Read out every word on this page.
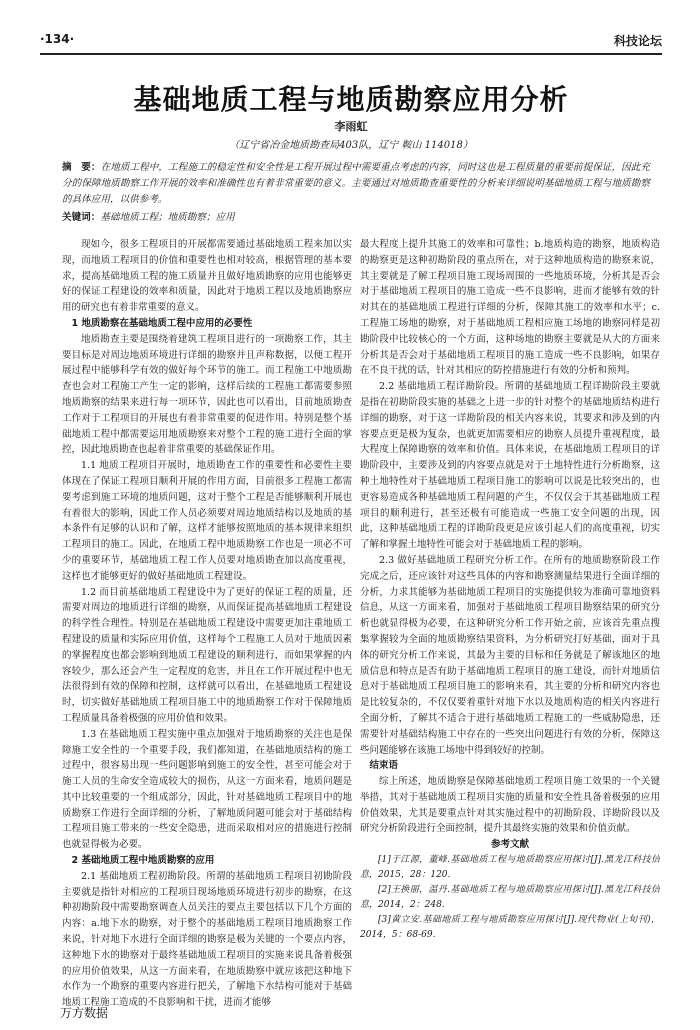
·134·	科技论坛
基础地质工程与地质勘察应用分析
李雨虹
（辽宁省冶金地质勘查局403队，辽宁 鞍山 114018）
摘　要：在地质工程中，工程施工的稳定性和安全性是工程开展过程中需要重点考虑的内容，同时这也是工程质量的重要前提保证，因此充分的保障地质勘察工作开展的效率和准确性也有着非常重要的意义。主要通过对地质勘查重要性的分析来详细说明基础地质工程与地质勘察的具体应用，以供参考。
关键词：基础地质工程；地质勘察；应用

现如今，很多工程项目的开展都需要通过基础地质工程来加以实现，而地质工程项目的价值和重要性也相对较高，根据管理的基本要求，提高基础地质工程的施工质量并且做好地质勘察的应用也能够更好的保证工程建设的效率和质量，因此对于地质工程以及地质勘察应用的研究也有着非常重要的意义。

1 地质勘察在基础地质工程中应用的必要性

地质勘查主要是围绕着建筑工程项目进行的一项勘察工作，其主要目标是对周边地质环境进行详细的勘察并且声称数据，以便工程开展过程中能够科学有效的做好每个环节的施工。而工程施工中地质勘查也会对工程施工产生一定的影响，这样后续的工程施工都需要参照地质勘察的结果来进行每一项环节，因此也可以看出，目前地质勘查工作对于工程项目的开展也有着非常重要的促进作用。特别是整个基础地质工程中都需要运用地质勘察来对整个工程的施工进行全面的掌控，因此地质勘查也起着非常重要的基础保证作用。

1.1 地质工程项目开展时，地质勘查工作的重要性和必要性主要体现在了保证工程项目顺利开展的作用方面，目前很多工程施工都需要考虑到施工环境的地质问题，这对于整个工程是否能够顺利开展也有着很大的影响，因此工作人员必须要对周边地质结构以及地质的基本条件有足够的认识和了解，这样才能够按照地质的基本规律来组织工程项目的施工。因此，在地质工程中地质勘察工作也是一项必不可少的重要环节，基础地质工程工作人员要对地质勘查加以高度重视，这样也才能够更好的做好基础地质工程建设。

1.2 而目前基础地质工程建设中为了更好的保证工程的质量，还需要对周边的地质进行详细的勘察，从而保证提高基础地质工程建设的科学性合理性。特别是在基础地质工程建设中需要更加注重地质工程建设的质量和实际应用价值，这样每个工程施工人员对于地质因素的掌握程度也都会影响到地质工程建设的顺利进行，而如果掌握的内容较少，那么还会产生一定程度的危害，并且在工作开展过程中也无法很得到有效的保障和控制，这样就可以看出，在基础地质工程建设时，切实做好基础地质工程项目施工中的地质勘察工作对于保障地质工程质量具备着极强的应用价值和效果。

1.3 在基础地质工程实施中重点加强对于地质勘察的关注也是保障施工安全性的一个重要手段，我们都知道，在基础地质结构的施工过程中，很容易出现一些问题影响到施工的安全性，甚至可能会对于施工人员的生命安全造成较大的损伤，从这一方面来看，地质问题是其中比较重要的一个组成部分，因此，针对基础地质工程项目中的地质勘察工作进行全面详细的分析，了解地质问题可能会对于基础结构工程项目施工带来的一些安全隐患，进而采取相对应的措施进行控制也就显得极为必要。

2 基础地质工程中地质勘察的应用

2.1 基础地质工程初勘阶段。所谓的基础地质工程项目初勘阶段主要就是指针对相应的工程项目现场地质环境进行初步的勘察，在这种初勘阶段中需要勘察调查人员关注的要点主要包括以下几个方面的内容：a.地下水的勘察，对于整个的基础地质工程项目地质勘察工作来说，针对地下水进行全面详细的勘察是极为关键的一个要点内容，这种地下水的勘察对于最终基础地质工程项目的实施来说具备着极强的应用价值效果，从这一方面来看，在地质勘察中就应该把这种地下水作为一个勘察的重要内容进行把关，了解地下水结构可能对于基础地质工程施工造成的不良影响和干扰，进而才能够

最大程度上提升其施工的效率和可靠性；b.地质构造的勘察，地质构造的勘察更是这种初勘阶段的重点所在，对于这种地质构造的勘察来说，其主要就是了解工程项目施工现场周围的一些地质环境，分析其是否会对于基础地质工程项目的施工造成一些不良影响，进而才能够有效的针对其在的基础地质工程进行详细的分析，保障其施工的效率和水平；c.工程施工场地的勘察，对于基础地质工程相应施工场地的勘察同样是初勘阶段中比较核心的一个方面，这种场地的勘察主要就是从大的方面来分析其是否会对于基础地质工程项目的施工造成一些不良影响，如果存在不良干扰的话，针对其相应的防控措施进行有效的分析和预判。

2.2 基础地质工程详勘阶段。所谓的基础地质工程详勘阶段主要就是指在初勘阶段实施的基础之上进一步的针对整个的基础地质结构进行详细的勘察，对于这一详勘阶段的相关内容来说，其要求和涉及到的内容要点更是极为复杂，也就更加需要相应的勘察人员提升重视程度，最大程度上保障勘察的效率和价值。具体来说，在基础地质工程项目的详勘阶段中，主要涉及到的内容要点就是对于土地特性进行分析勘察，这种土地特性对于基础地质工程项目施工的影响可以说是比较突出的，也更容易造成各种基础地质工程问题的产生，不仅仅会于其基础地质工程项目的顺利进行，甚至还极有可能造成一些施工安全问题的出现，因此，这种基础地质工程的详勘阶段更是应该引起人们的高度重视，切实了解和掌握土地特性可能会对于基础地质工程的影响。

2.3 做好基础地质工程研究分析工作。在所有的地质勘察阶段工作完成之后，还应该针对这些具体的内容和勘察测量结果进行全面详细的分析，力求其能够为基础地质工程项目的实施提供较为准确可靠地资料信息，从这一方面来看，加强对于基础地质工程项目勘察结果的研究分析也就显得极为必要，在这种研究分析工作开始之前，应该首先重点搜集掌握较为全面的地质勘察结果资料，为分析研究打好基础，面对于具体的研究分析工作来说，其最为主要的目标和任务就是了解该地区的地质信息和特点是否有助于基础地质工程项目的施工建设，而针对地质信息对于基础地质工程项目施工的影响来看，其主要的分析和研究内容也是比较复杂的，不仅仅要着重针对地下水以及地质构造的相关内容进行全面分析，了解其不适合于进行基础地质工程施工的一些威胁隐患，还需要针对基础结构施工中存在的一些突出问题进行有效的分析，保障这些问题能够在该施工场地中得到较好的控制。

结束语

综上所述，地质勘察是保障基础地质工程项目施工效果的一个关键举措，其对于基础地质工程项目实施的质量和安全性具备着极强的应用价值效果，尤其是要重点针对其实施过程中的初勘阶段、详勘阶段以及研究分析阶段进行全面控制，提升其最终实施的效果和价值贡献。

参考文献

[1]于江源，董峰.基础地质工程与地质勘察应用探讨[J].黑龙江科技信息，2015，28：120.

[2]王换丽，温丹.基础地质工程与地质勘察应用探讨[J].黑龙江科技信息，2014，2：248.

[3]黄立安.基础地质工程与地质勘察应用探讨[J].现代物业(上旬刊)，2014，5：68-69.

万方数据
